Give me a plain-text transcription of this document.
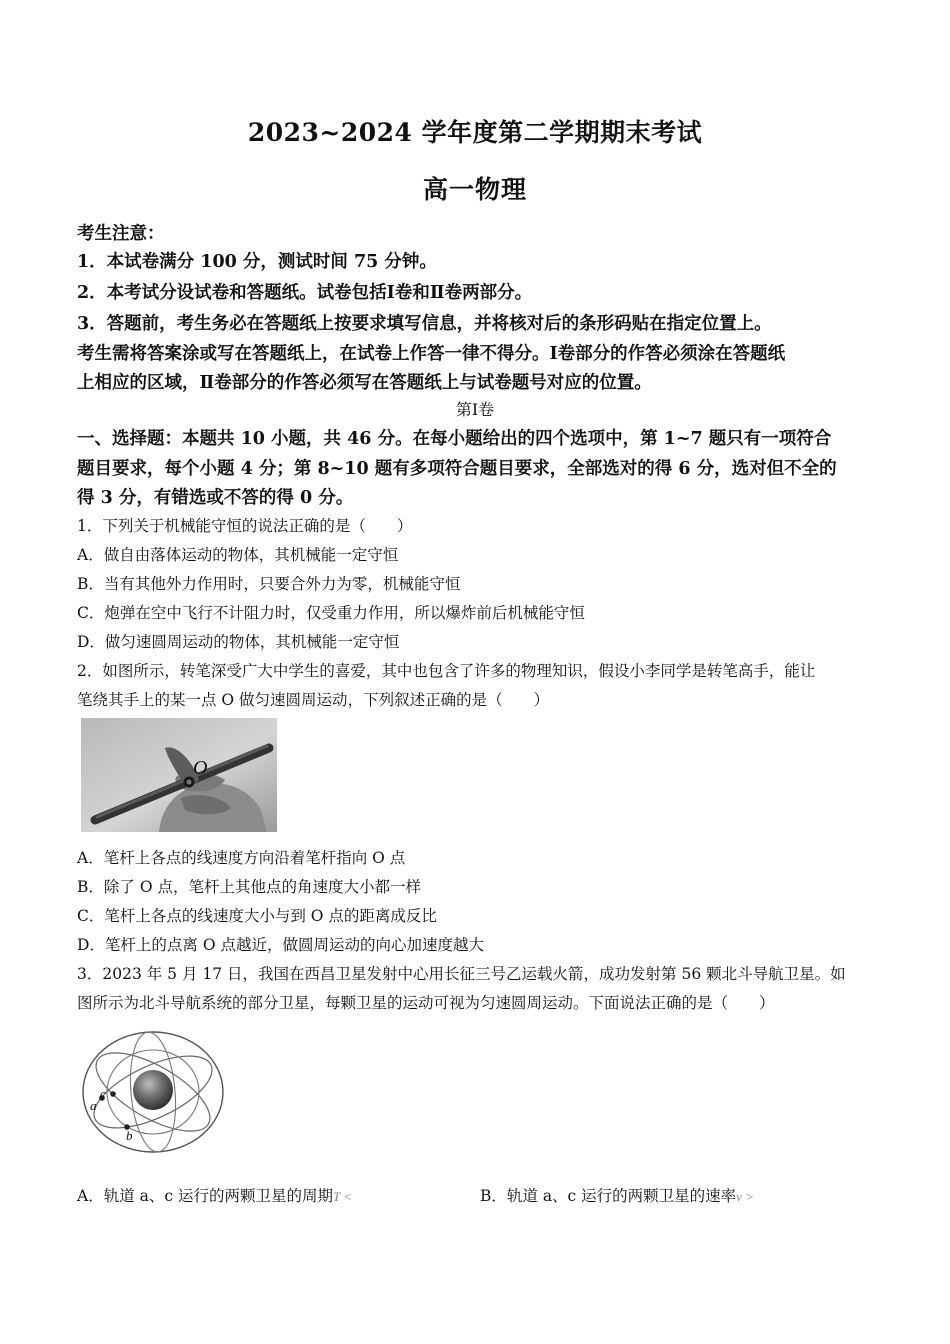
2023~2024 学年度第二学期期末考试
高一物理
考生注意：
1．本试卷满分 100 分，测试时间 75 分钟。
2．本考试分设试卷和答题纸。试卷包括Ⅰ卷和Ⅱ卷两部分。
3．答题前，考生务必在答题纸上按要求填写信息，并将核对后的条形码贴在指定位置上。
考生需将答案涂或写在答题纸上，在试卷上作答一律不得分。Ⅰ卷部分的作答必须涂在答题纸
上相应的区域，Ⅱ卷部分的作答必须写在答题纸上与试卷题号对应的位置。
第Ⅰ卷
一、选择题：本题共 10 小题，共 46 分。在每小题给出的四个选项中，第 1~7 题只有一项符合
题目要求，每个小题 4 分；第 8~10 题有多项符合题目要求，全部选对的得 6 分，选对但不全的
得 3 分，有错选或不答的得 0 分。
1．下列关于机械能守恒的说法正确的是（　　）
A．做自由落体运动的物体，其机械能一定守恒
B．当有其他外力作用时，只要合外力为零，机械能守恒
C．炮弹在空中飞行不计阻力时，仅受重力作用，所以爆炸前后机械能守恒
D．做匀速圆周运动的物体，其机械能一定守恒
2．如图所示，转笔深受广大中学生的喜爱，其中也包含了许多的物理知识，假设小李同学是转笔高手，能让
笔绕其手上的某一点 O 做匀速圆周运动，下列叙述正确的是（　　）
O
A．笔杆上各点的线速度方向沿着笔杆指向 O 点
B．除了 O 点，笔杆上其他点的角速度大小都一样
C．笔杆上各点的线速度大小与到 O 点的距离成反比
D．笔杆上的点离 O 点越近，做圆周运动的向心加速度越大
3．2023 年 5 月 17 日，我国在西昌卫星发射中心用长征三号乙运载火箭，成功发射第 56 颗北斗导航卫星。如
图所示为北斗导航系统的部分卫星，每颗卫星的运动可视为匀速圆周运动。下面说法正确的是（　　）
c
a
b
A．轨道 a、c 运行的两颗卫星的周期T <	B．轨道 a、c 运行的两颗卫星的速率v >
